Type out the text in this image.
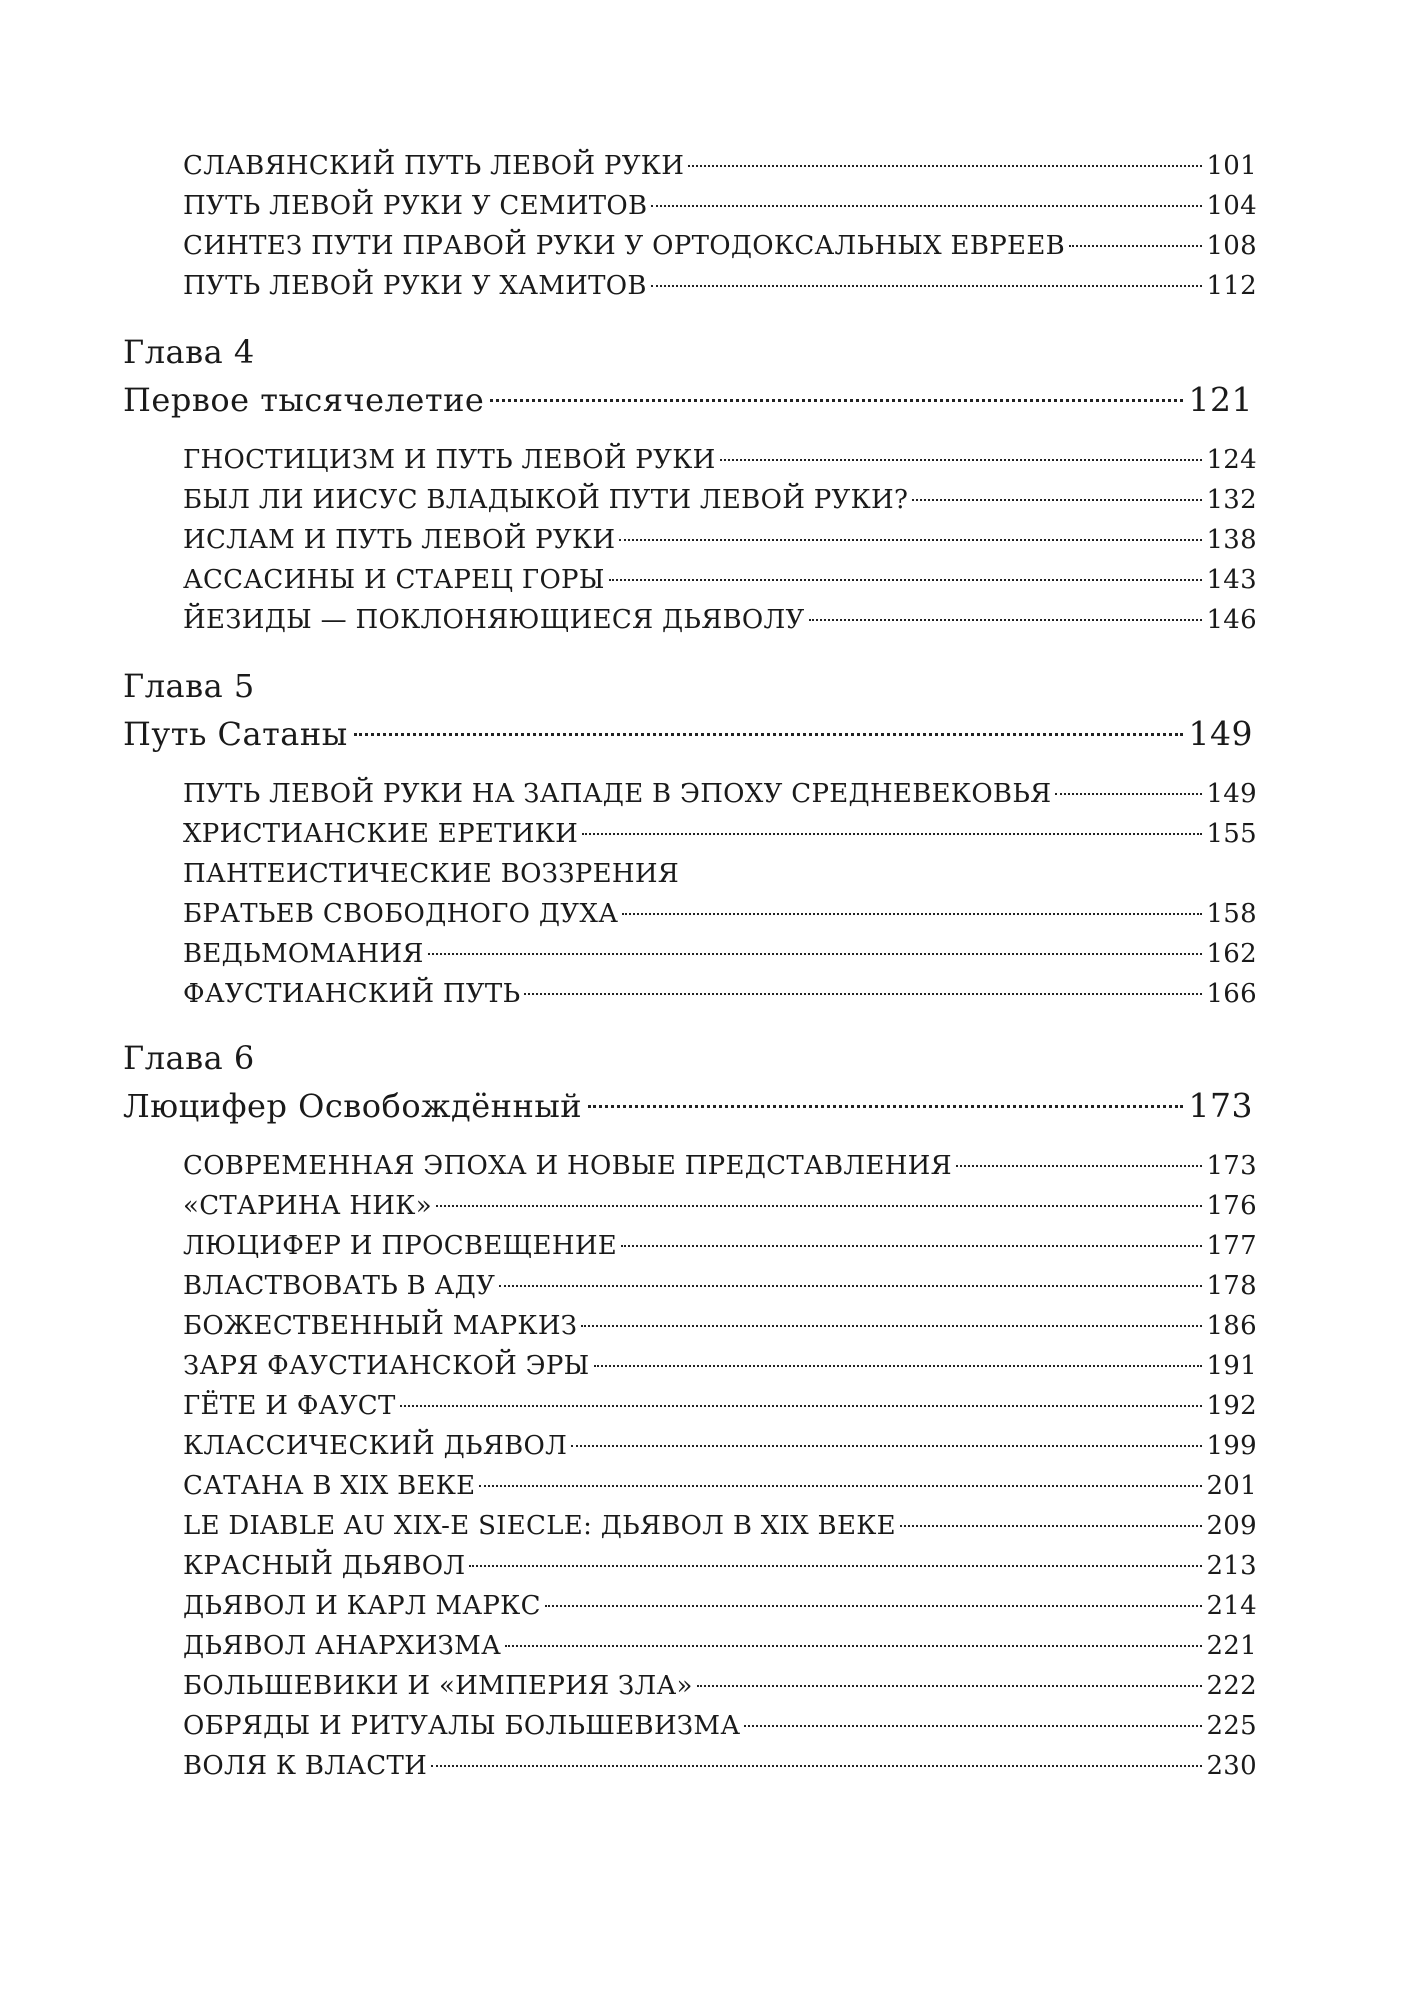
СЛАВЯНСКИЙ ПУТЬ ЛЕВОЙ РУКИ	101
ПУТЬ ЛЕВОЙ РУКИ У СЕМИТОВ	104
СИНТЕЗ ПУТИ ПРАВОЙ РУКИ У ОРТОДОКСАЛЬНЫХ ЕВРЕЕВ	108
ПУТЬ ЛЕВОЙ РУКИ У ХАМИТОВ	112
Глава 4
Первое тысячелетие	121
ГНОСТИЦИЗМ И ПУТЬ ЛЕВОЙ РУКИ	124
БЫЛ ЛИ ИИСУС ВЛАДЫКОЙ ПУТИ ЛЕВОЙ РУКИ?	132
ИСЛАМ И ПУТЬ ЛЕВОЙ РУКИ	138
АССАСИНЫ И СТАРЕЦ ГОРЫ	143
ЙЕЗИДЫ — ПОКЛОНЯЮЩИЕСЯ ДЬЯВОЛУ	146
Глава 5
Путь Сатаны	149
ПУТЬ ЛЕВОЙ РУКИ НА ЗАПАДЕ В ЭПОХУ СРЕДНЕВЕКОВЬЯ	149
ХРИСТИАНСКИЕ ЕРЕТИКИ	155
ПАНТЕИСТИЧЕСКИЕ ВОЗЗРЕНИЯ
БРАТЬЕВ СВОБОДНОГО ДУХА	158
ВЕДЬМОМАНИЯ	162
ФАУСТИАНСКИЙ ПУТЬ	166
Глава 6
Люцифер Освобождённый	173
СОВРЕМЕННАЯ ЭПОХА И НОВЫЕ ПРЕДСТАВЛЕНИЯ	173
«СТАРИНА НИК»	176
ЛЮЦИФЕР И ПРОСВЕЩЕНИЕ	177
ВЛАСТВОВАТЬ В АДУ	178
БОЖЕСТВЕННЫЙ МАРКИЗ	186
ЗАРЯ ФАУСТИАНСКОЙ ЭРЫ	191
ГЁТЕ И ФАУСТ	192
КЛАССИЧЕСКИЙ ДЬЯВОЛ	199
САТАНА В XIX ВЕКЕ	201
LE DIABLE AU XIX-E SIECLE: ДЬЯВОЛ В XIX ВЕКЕ	209
КРАСНЫЙ ДЬЯВОЛ	213
ДЬЯВОЛ И КАРЛ МАРКС	214
ДЬЯВОЛ АНАРХИЗМА	221
БОЛЬШЕВИКИ И «ИМПЕРИЯ ЗЛА»	222
ОБРЯДЫ И РИТУАЛЫ БОЛЬШЕВИЗМА	225
ВОЛЯ К ВЛАСТИ	230
